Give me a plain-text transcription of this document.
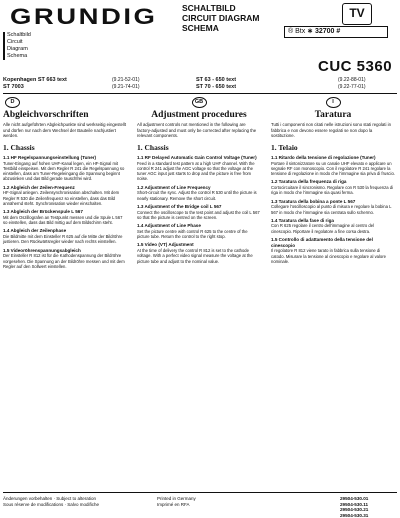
GRUNDIG	SCHALTBILD
CIRCUIT DIAGRAM
SCHEMA
TV
® Btx ∗ 32700 #
Schaltbild
Circuit
Diagram
Schema
CUC 5360
Kopenhagen ST 663 text
ST 7003
(9.21-52-01)
(9.21-74-01)
ST 63 - 650 text
ST 70 - 650 text
(9.22-88-01)
(9.22-77-01)
D
Abgleichvorschriften
Alle nicht aufgeführten Abgleichpunkte sind werkseitig eingestellt und dürfen nur nach dem Wechsel der Bauteile nachjustiert werden.
1. Chassis
1.1 HF Regelspannungseinstellung (Tuner)
Tuner-Eingang auf hohen UHF-Kanal legen, ein HF-Signal mit Testbild einspeisen. Mit dem Regler R 241 die Regelspannung so einstellen, dass am Tuner-Regeleingang die Spannung beginnt abzusinken und das Bild gerade rauschfrei wird.
1.2 Abgleich der Zeilen-Frequenz
HF-Signal anlegen. Zeilensynchronisation abschalten. Mit dem Regler R 530 die Zeilenfrequenz so einstellen, dass das Bild annähernd steht. Synchronisation wieder einschalten.
1.3 Abgleich der Brückenspule L 567
Mit dem Oszillografen an Testpunkt messen und die Spule L 567 so einstellen, dass das Bild mittig auf dem Bildschirm steht.
1.4 Abgleich der Zeilenphase
Die Bildmitte mit dem Einsteller R 625 auf die Mitte der Bildröhre justieren. Den Rückwärtsregler wieder nach rechts einstellen.
1.5 Videoröhrenspannungsabgleich
Der Einsteller R 812 ist für die Kathodenspannung der Bildröhre vorgesehen. Die Spannung an der Bildröhre messen und mit dem Regler auf den Sollwert einstellen.
GB
Adjustment procedures
All adjustment controls not mentioned in the following are factory-adjusted and must only be corrected after replacing the relevant components.
1. Chassis
1.1 RF Delayed Automatic Gain Control Voltage (Tuner)
Feed in a standard test pattern at a high UHF channel. With the control R 241 adjust the AGC voltage so that the voltage at the tuner AGC input just starts to drop and the picture is free from noise.
1.2 Adjustment of Line Frequency
Short-circuit the sync. Adjust the control R 530 until the picture is nearly stationary. Remove the short circuit.
1.3 Adjustment of the Bridge coil L 567
Connect the oscilloscope to the test point and adjust the coil L 567 so that the picture is centred on the screen.
1.4 Adjustment of Line Phase
Set the picture centre with control R 625 to the centre of the picture tube. Return the control to the right stop.
1.5 Video (VT) Adjustment
At the time of delivery the control R 812 is set to the cathode voltage. With a perfect video signal measure the voltage at the picture tube and adjust to the nominal value.
I
Taratura
Tutti i componenti non citati nelle istruzioni sono stati regolati in fabbrica e non devono essere regolati se non dopo la sostituzione.
1. Telaio
1.1 Ritardo della tensione di regolazione (Tuner)
Portare il sintonizzatore su un canale UHF elevato e applicare un segnale RF con monoscopio. Con il regolatore R 241 regolare la tensione di regolazione in modo che l'immagine sia priva di fruscio.
1.2 Taratura della frequenza di riga
Cortocircuitare il sincronismo. Regolare con R 530 la frequenza di riga in modo che l'immagine sia quasi ferma.
1.3 Taratura della bobina a ponte L 567
Collegare l'oscilloscopio al punto di misura e regolare la bobina L 567 in modo che l'immagine sia centrata sullo schermo.
1.4 Taratura della fase di riga
Con R 625 regolare il centro dell'immagine al centro del cinescopio. Riportare il regolatore a fine corsa destra.
1.5 Controllo di adattamento della tensione del cinescopio
Il regolatore R 812 viene tarato in fabbrica sulla tensione di catodo. Misurare la tensione al cinescopio e regolare al valore nominale.
Änderungen vorbehalten · Subject to alteration
Sous réserve de modifications · Salvo modifiche
Printed in Germany
Imprimé en RFA
29504-530.01
29504-530.11
29504-530.21
29504-530.31
